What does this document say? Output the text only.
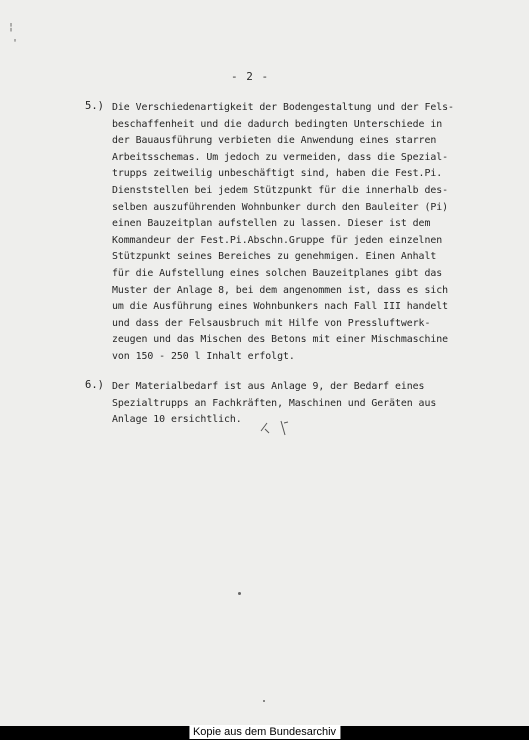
¦
'
- 2 -
5.) Die Verschiedenartigkeit der Bodengestaltung und der Fels-
beschaffenheit und die dadurch bedingten Unterschiede in
der Bauausführung verbieten die Anwendung eines starren
Arbeitsschemas. Um jedoch zu vermeiden, dass die Spezial-
trupps zeitweilig unbeschäftigt sind, haben die Fest.Pi.
Dienststellen bei jedem Stützpunkt für die innerhalb des-
selben auszuführenden Wohnbunker durch den Bauleiter (Pi)
einen Bauzeitplan aufstellen zu lassen. Dieser ist dem
Kommandeur der Fest.Pi.Abschn.Gruppe für jeden einzelnen
Stützpunkt seines Bereiches zu genehmigen. Einen Anhalt
für die Aufstellung eines solchen Bauzeitplanes gibt das
Muster der Anlage 8, bei dem angenommen ist, dass es sich
um die Ausführung eines Wohnbunkers nach Fall III handelt
und dass der Felsausbruch mit Hilfe von Pressluftwerk-
zeugen und das Mischen des Betons mit einer Mischmaschine
von 150 - 250 l Inhalt erfolgt.
6.) Der Materialbedarf ist aus Anlage 9, der Bedarf eines
Spezialtrupps an Fachkräften, Maschinen und Geräten aus
Anlage 10 ersichtlich.
Kopie aus dem Bundesarchiv
